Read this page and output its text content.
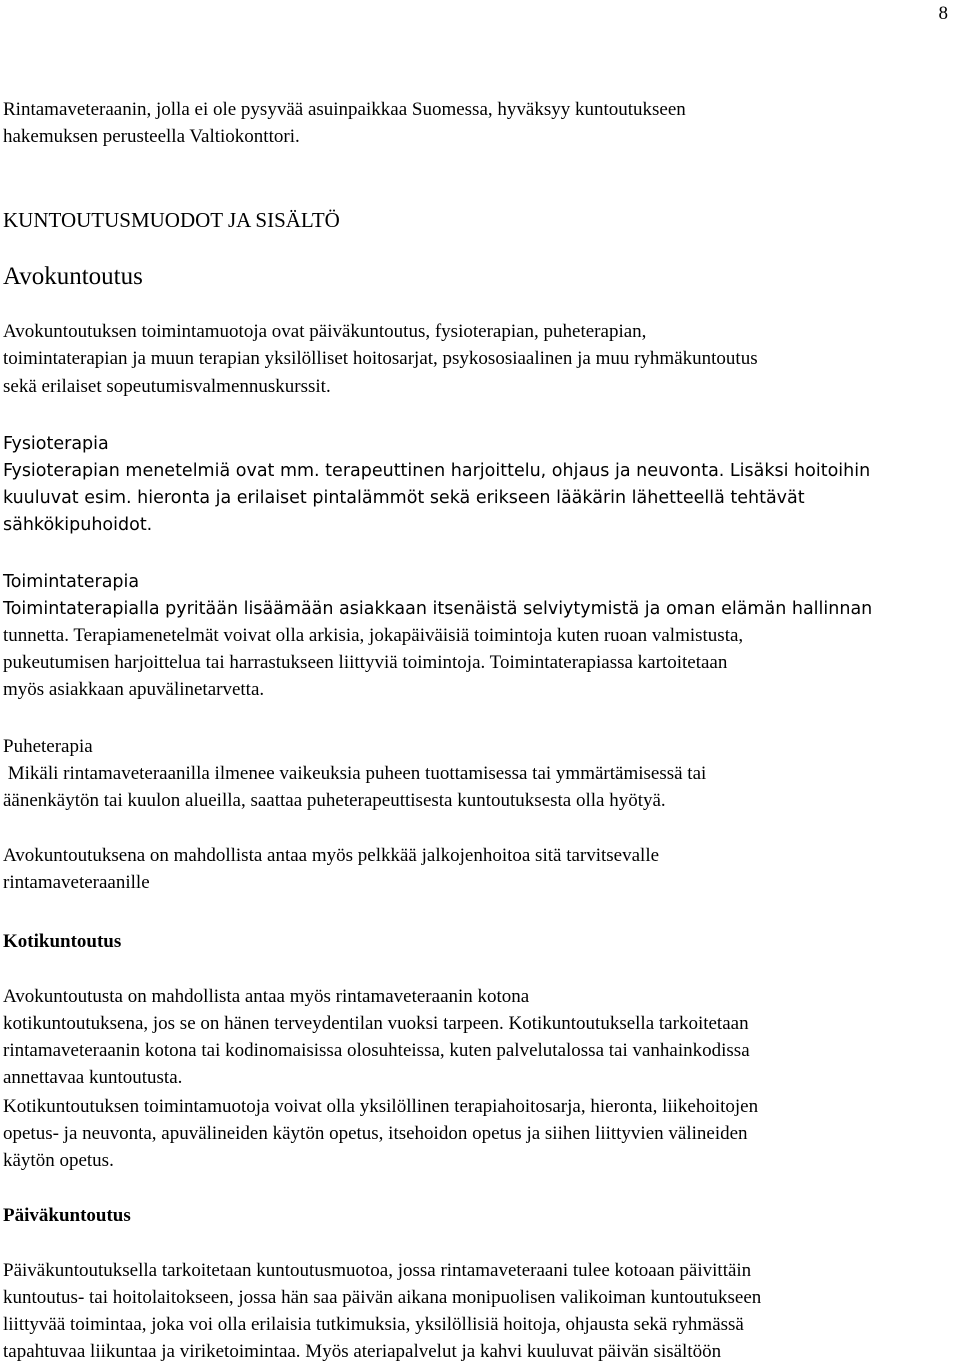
8
Rintamaveteraanin, jolla ei ole pysyvää asuinpaikkaa Suomessa, hyväksyy kuntoutukseen
hakemuksen perusteella Valtiokonttori.
KUNTOUTUSMUODOT JA SISÄLTÖ
Avokuntoutus
Avokuntoutuksen toimintamuotoja ovat päiväkuntoutus, fysioterapian, puheterapian,
toimintaterapian ja muun terapian yksilölliset hoitosarjat, psykososiaalinen ja muu ryhmäkuntoutus
sekä erilaiset sopeutumisvalmennuskurssit.
Fysioterapia
Fysioterapian menetelmiä ovat mm. terapeuttinen harjoittelu, ohjaus ja neuvonta. Lisäksi hoitoihin
kuuluvat esim. hieronta ja erilaiset pintalämmöt sekä erikseen lääkärin lähetteellä tehtävät
sähkökipuhoidot.
Toimintaterapia
Toimintaterapialla pyritään lisäämään asiakkaan itsenäistä selviytymistä ja oman elämän hallinnan
tunnetta. Terapiamenetelmät voivat olla arkisia, jokapäiväisiä toimintoja kuten ruoan valmistusta,
pukeutumisen harjoittelua tai harrastukseen liittyviä toimintoja. Toimintaterapiassa kartoitetaan
myös asiakkaan apuvälinetarvetta.
Puheterapia
Mikäli rintamaveteraanilla ilmenee vaikeuksia puheen tuottamisessa tai ymmärtämisessä tai
äänenkäytön tai kuulon alueilla, saattaa puheterapeuttisesta kuntoutuksesta olla hyötyä.
Avokuntoutuksena on mahdollista antaa myös pelkkää jalkojenhoitoa sitä tarvitsevalle
rintamaveteraanille
Kotikuntoutus
Avokuntoutusta on mahdollista antaa myös rintamaveteraanin kotona
kotikuntoutuksena, jos se on hänen terveydentilan vuoksi tarpeen. Kotikuntoutuksella tarkoitetaan
rintamaveteraanin kotona tai kodinomaisissa olosuhteissa, kuten palvelutalossa tai vanhainkodissa
annettavaa kuntoutusta.
Kotikuntoutuksen toimintamuotoja voivat olla yksilöllinen terapiahoitosarja, hieronta, liikehoitojen
opetus- ja neuvonta, apuvälineiden käytön opetus, itsehoidon opetus ja siihen liittyvien välineiden
käytön opetus.
Päiväkuntoutus
Päiväkuntoutuksella tarkoitetaan kuntoutusmuotoa, jossa rintamaveteraani tulee kotoaan päivittäin
kuntoutus- tai hoitolaitokseen, jossa hän saa päivän aikana monipuolisen valikoiman kuntoutukseen
liittyvää toimintaa, joka voi olla erilaisia tutkimuksia, yksilöllisiä hoitoja, ohjausta sekä ryhmässä
tapahtuvaa liikuntaa ja viriketoimintaa. Myös ateriapalvelut ja kahvi kuuluvat päivän sisältöön
